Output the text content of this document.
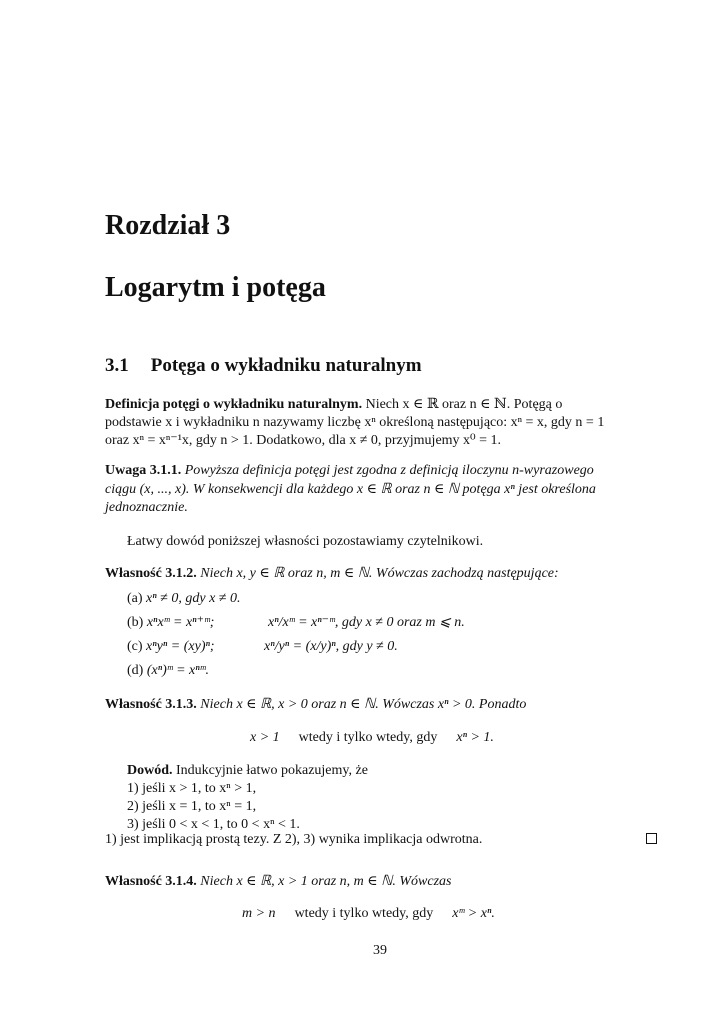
Rozdział 3
Logarytm i potęga
3.1 Potęga o wykładniku naturalnym
Definicja potęgi o wykładniku naturalnym. Niech x ∈ ℝ oraz n ∈ ℕ. Potęgą o
podstawie x i wykładniku n nazywamy liczbę xⁿ określoną następująco: xⁿ = x, gdy n = 1
oraz xⁿ = xⁿ⁻¹x, gdy n > 1. Dodatkowo, dla x ≠ 0, przyjmujemy x⁰ = 1.
Uwaga 3.1.1. Powyższa definicja potęgi jest zgodna z definicją iloczynu n-wyrazowego
ciągu (x, ..., x). W konsekwencji dla każdego x ∈ ℝ oraz n ∈ ℕ potęga xⁿ jest określona
jednoznacznie.
Łatwy dowód poniższej własności pozostawiamy czytelnikowi.
Własność 3.1.2. Niech x, y ∈ ℝ oraz n, m ∈ ℕ. Wówczas zachodzą następujące:
(a) xⁿ ≠ 0, gdy x ≠ 0.
(b) xⁿxᵐ = xⁿ⁺ᵐ;	xⁿ/xᵐ = xⁿ⁻ᵐ, gdy x ≠ 0 oraz m ⩽ n.
(c) xⁿyⁿ = (xy)ⁿ;	xⁿ/yⁿ = (x/y)ⁿ, gdy y ≠ 0.
(d) (xⁿ)ᵐ = xⁿᵐ.
Własność 3.1.3. Niech x ∈ ℝ, x > 0 oraz n ∈ ℕ. Wówczas xⁿ > 0. Ponadto
x > 1 wtedy i tylko wtedy, gdy xⁿ > 1.
Dowód. Indukcyjnie łatwo pokazujemy, że
1) jeśli x > 1, to xⁿ > 1,
2) jeśli x = 1, to xⁿ = 1,
3) jeśli 0 < x < 1, to 0 < xⁿ < 1.
1) jest implikacją prostą tezy. Z 2), 3) wynika implikacja odwrotna.
Własność 3.1.4. Niech x ∈ ℝ, x > 1 oraz n, m ∈ ℕ. Wówczas
m > n wtedy i tylko wtedy, gdy xᵐ > xⁿ.
39
